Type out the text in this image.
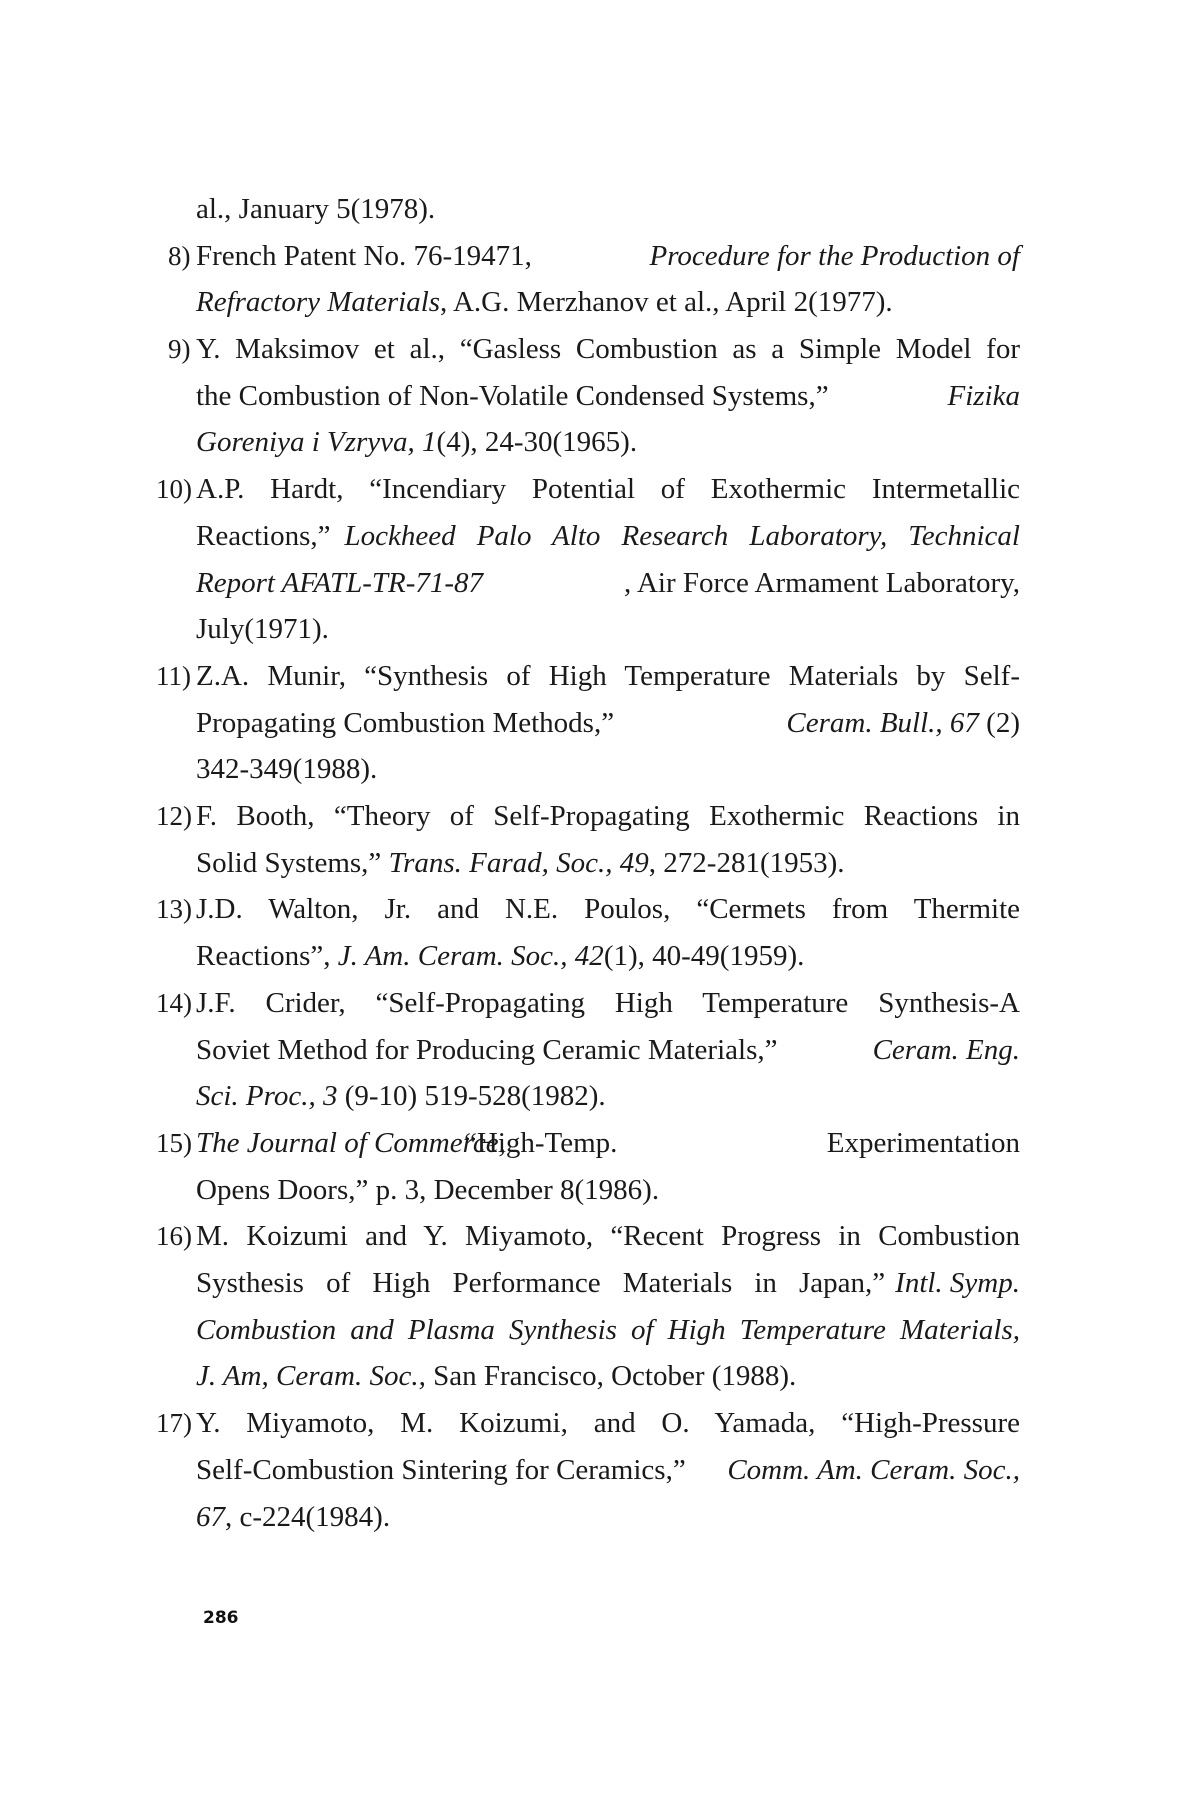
al., January 5(1978).
8) French Patent No. 76-19471,	Procedure for the Production of
Refractory Materials, A.G. Merzhanov et al., April 2(1977).
9) Y. Maksimov et al., “Gasless Combustion as a Simple Model for
the Combustion of Non-Volatile Condensed Systems,”	Fizika
Goreniya i Vzryva, 1(4), 24-30(1965).
10) A.P. Hardt, “Incendiary Potential of Exothermic Intermetallic
Reactions,” Lockheed Palo Alto Research Laboratory, Technical
Report AFATL-TR-71-87	, Air Force Armament Laboratory,
July(1971).
11) Z.A. Munir, “Synthesis of High Temperature Materials by Self-
Propagating Combustion Methods,”	Ceram. Bull., 67 (2)
342-349(1988).
12) F. Booth, “Theory of Self-Propagating Exothermic Reactions in
Solid Systems,” Trans. Farad, Soc., 49, 272-281(1953).
13) J.D. Walton, Jr. and N.E. Poulos, “Cermets from Thermite
Reactions”, J. Am. Ceram. Soc., 42(1), 40-49(1959).
14) J.F. Crider, “Self-Propagating High Temperature Synthesis-A
Soviet Method for Producing Ceramic Materials,”	Ceram. Eng.
Sci. Proc., 3 (9-10) 519-528(1982).
15) The Journal of Commerce,
“High-Temp. Experimentation
Opens Doors,” p. 3, December 8(1986).
16) M. Koizumi and Y. Miyamoto, “Recent Progress in Combustion
Systhesis of High Performance Materials in Japan,” Intl. Symp.
Combustion and Plasma Synthesis of High Temperature Materials,
J. Am, Ceram. Soc., San Francisco, October (1988).
17) Y. Miyamoto, M. Koizumi, and O. Yamada, “High-Pressure
Self-Combustion Sintering for Ceramics,” Comm. Am. Ceram. Soc.,
67, c-224(1984).
286
